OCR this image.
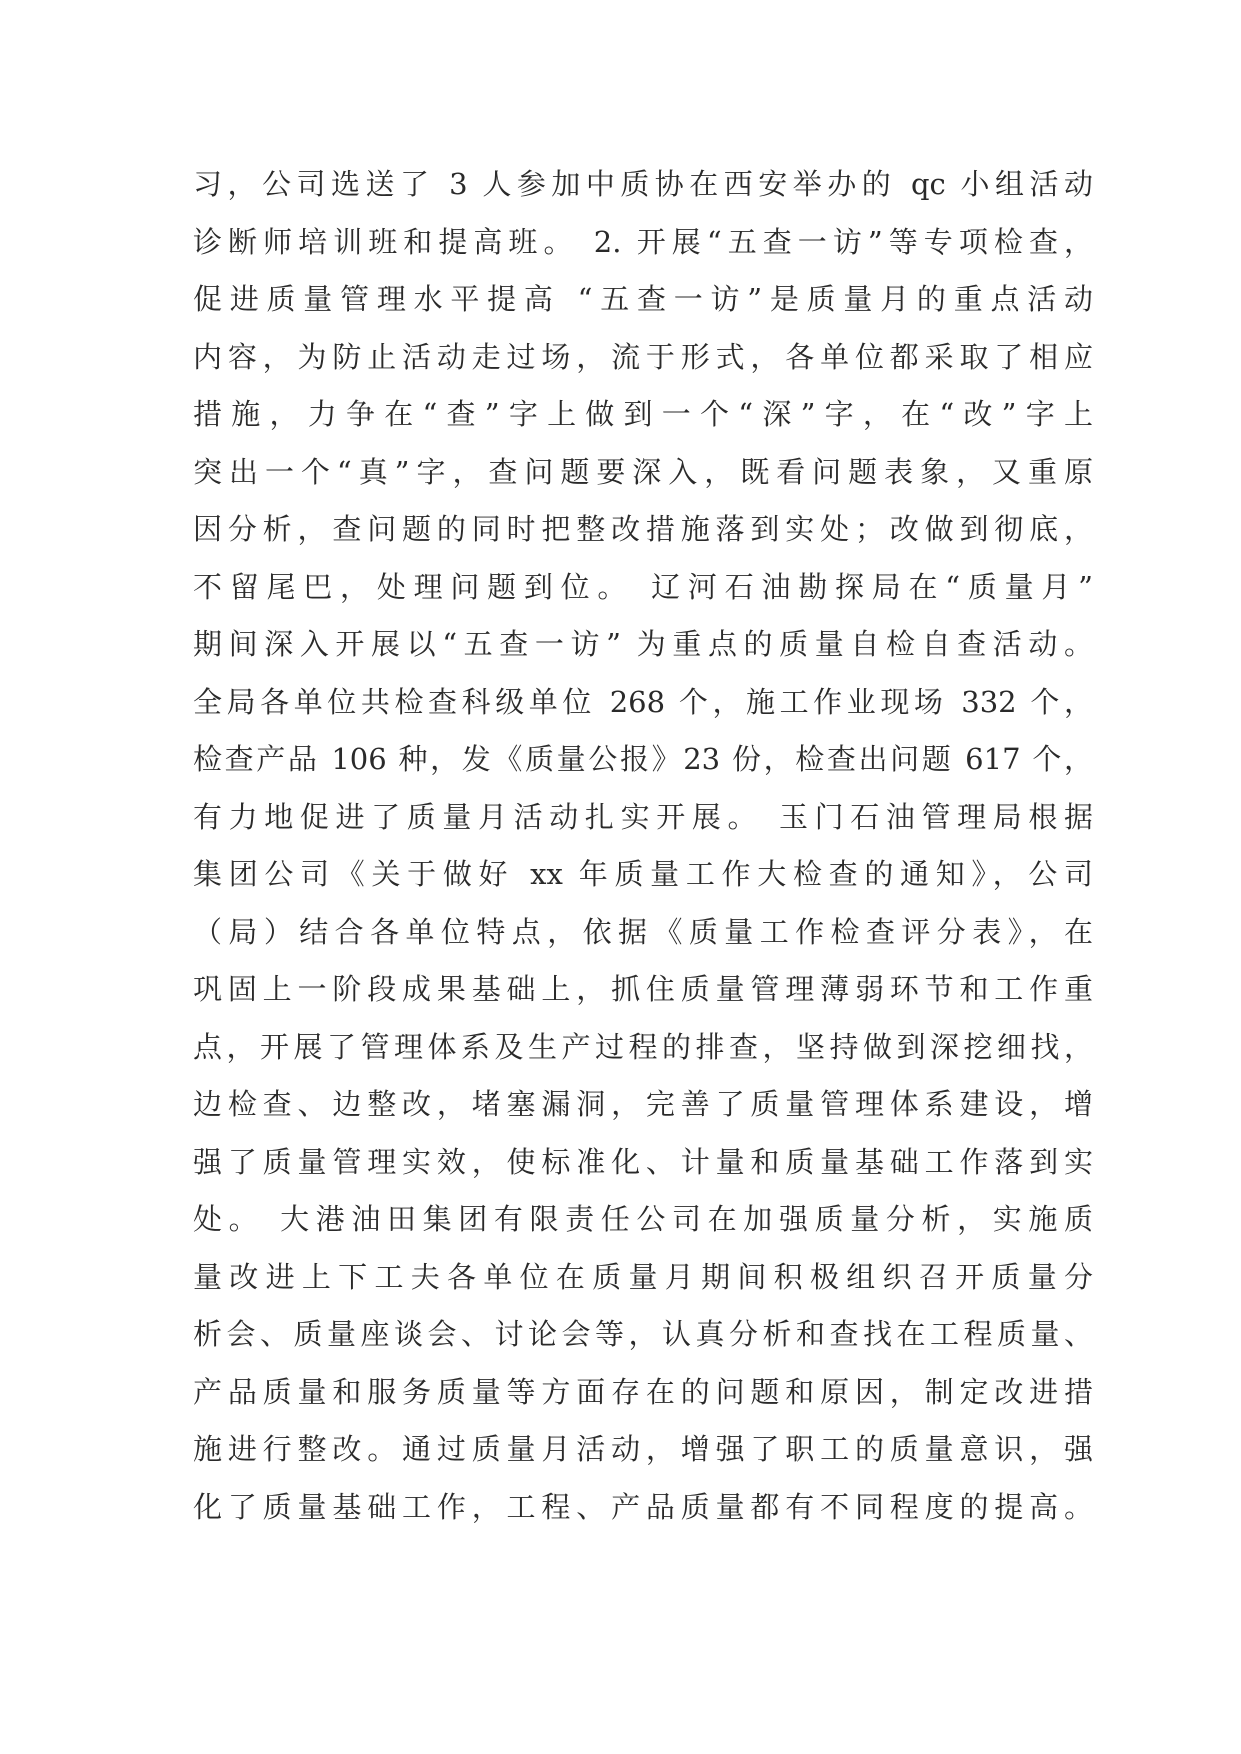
习，公司选送了 3 人参加中质协在西安举办的 qc 小组活动
诊断师培训班和提高班。 2. 开展“五查一访”等专项检查，
促进质量管理水平提高 “五查一访”是质量月的重点活动
内容，为防止活动走过场，流于形式，各单位都采取了相应
措施，力争在“查”字上做到一个“深”字，在“改”字上
突出一个“真”字，查问题要深入，既看问题表象，又重原
因分析，查问题的同时把整改措施落到实处；改做到彻底，
不留尾巴，处理问题到位。 辽河石油勘探局在“质量月”
期间深入开展以“五查一访” 为重点的质量自检自查活动。
全局各单位共检查科级单位 268 个，施工作业现场 332 个，
检查产品 106 种，发《质量公报》23 份，检查出问题 617 个，
有力地促进了质量月活动扎实开展。 玉门石油管理局根据
集团公司《关于做好 xx 年质量工作大检查的通知》，公司
（局）结合各单位特点，依据《质量工作检查评分表》，在
巩固上一阶段成果基础上，抓住质量管理薄弱环节和工作重
点，开展了管理体系及生产过程的排查，坚持做到深挖细找，
边检查、边整改，堵塞漏洞，完善了质量管理体系建设，增
强了质量管理实效，使标准化、计量和质量基础工作落到实
处。 大港油田集团有限责任公司在加强质量分析，实施质
量改进上下工夫各单位在质量月期间积极组织召开质量分
析会、质量座谈会、讨论会等，认真分析和查找在工程质量、
产品质量和服务质量等方面存在的问题和原因，制定改进措
施进行整改。通过质量月活动，增强了职工的质量意识，强
化了质量基础工作，工程、产品质量都有不同程度的提高。
